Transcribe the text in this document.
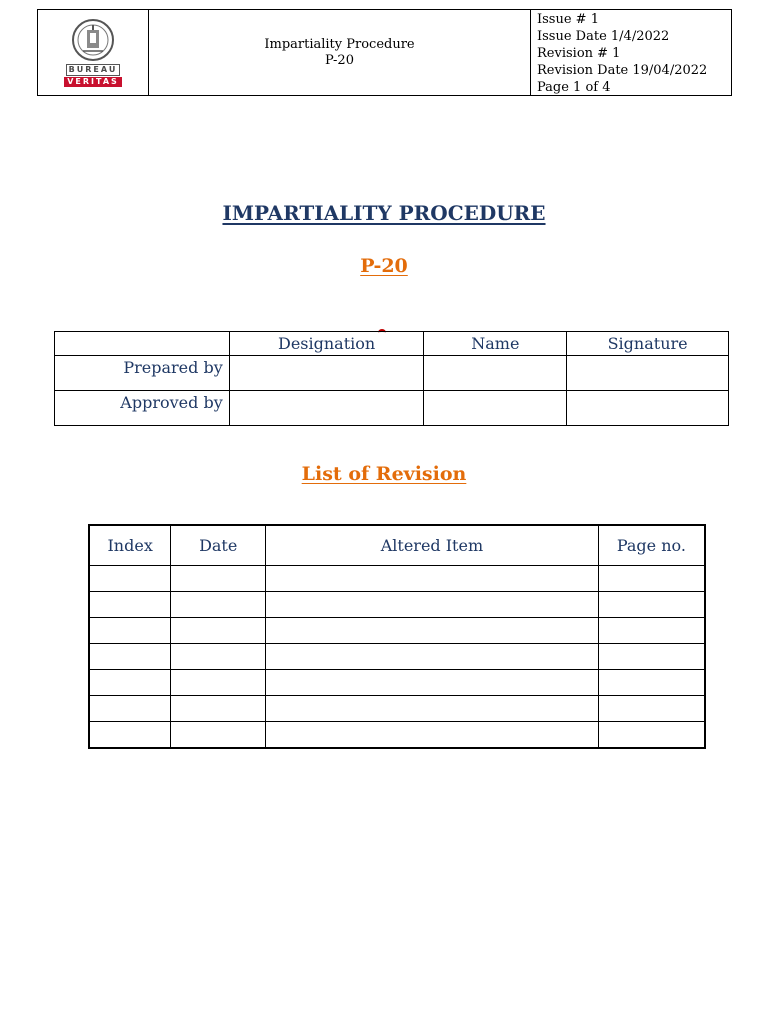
BUREAU
VERITAS
Impartiality Procedure
P-20
Issue # 1
Issue Date 1/4/2022
Revision # 1
Revision Date 19/04/2022
Page 1 of 4
IMPARTIALITY PROCEDURE
P-20
	Designation	Name	Signature
Prepared by			
Approved by			
List of Revision
Index	Date	Altered Item	Page no.
